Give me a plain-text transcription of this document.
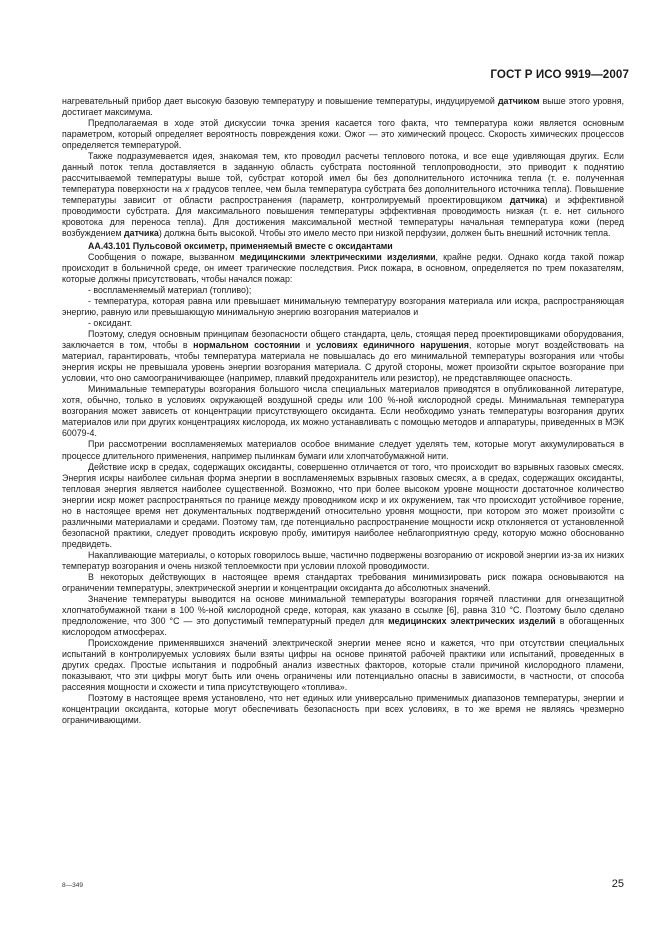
ГОСТ Р ИСО 9919—2007

нагревательный прибор дает высокую базовую температуру и повышение температуры, индуцируемой датчиком выше этого уровня, достигает максимума.

Предполагаемая в ходе этой дискуссии точка зрения касается того факта, что температура кожи является основным параметром, который определяет вероятность повреждения кожи. Ожог — это химический процесс. Скорость химических процессов определяется температурой.

Также подразумевается идея, знакомая тем, кто проводил расчеты теплового потока, и все еще удивляющая других. Если данный поток тепла доставляется в заданную область субстрата постоянной теплопроводности, это приводит к поднятию рассчитываемой температуры выше той, субстрат которой имел бы без дополнительного источника тепла (т. е. полученная температура поверхности на x градусов теплее, чем была температура субстрата без дополнительного источника тепла). Повышение температуры зависит от области распространения (параметр, контролируемый проектировщиком датчика) и эффективной проводимости субстрата. Для максимального повышения температуры эффективная проводимость низкая (т. е. нет сильного кровотока для переноса тепла). Для достижения максимальной местной температуры начальная температура кожи (перед возбуждением датчика) должна быть высокой. Чтобы это имело место при низкой перфузии, должен быть внешний источник тепла.

АА.43.101 Пульсовой оксиметр, применяемый вместе с оксидантами

Сообщения о пожаре, вызванном медицинскими электрическими изделиями, крайне редки. Однако когда такой пожар происходит в больничной среде, он имеет трагические последствия. Риск пожара, в основном, определяется по трем показателям, которые должны присутствовать, чтобы начался пожар:

- воспламеняемый материал (топливо);

- температура, которая равна или превышает минимальную температуру возгорания материала или искра, распространяющая энергию, равную или превышающую минимальную энергию возгорания материалов и

- оксидант.

Поэтому, следуя основным принципам безопасности общего стандарта, цель, стоящая перед проектировщиками оборудования, заключается в том, чтобы в нормальном состоянии и условиях единичного нарушения, которые могут воздействовать на материал, гарантировать, чтобы температура материала не повышалась до его минимальной температуры возгорания или чтобы энергия искры не превышала уровень энергии возгорания материала. С другой стороны, может произойти скрытое возгорание при условии, что оно самоограничивающее (например, плавкий предохранитель или резистор), не представляющее опасность.

Минимальные температуры возгорания большого числа специальных материалов приводятся в опубликованной литературе, хотя, обычно, только в условиях окружающей воздушной среды или 100 %-ной кислородной среды. Минимальная температура возгорания может зависеть от концентрации присутствующего оксиданта. Если необходимо узнать температуры возгорания других материалов или при других концентрациях кислорода, их можно устанавливать с помощью методов и аппаратуры, приведенных в МЭК 60079-4.

При рассмотрении воспламеняемых материалов особое внимание следует уделять тем, которые могут аккумулироваться в процессе длительного применения, например пылинкам бумаги или хлопчатобумажной нити.

Действие искр в средах, содержащих оксиданты, совершенно отличается от того, что происходит во взрывных газовых смесях. Энергия искры наиболее сильная форма энергии в воспламеняемых взрывных газовых смесях, а в средах, содержащих оксиданты, тепловая энергия является наиболее существенной. Возможно, что при более высоком уровне мощности достаточное количество энергии искр может распространяться по границе между проводником искр и их окружением, так что происходит устойчивое горение, но в настоящее время нет документальных подтверждений относительно уровня мощности, при котором это может произойти с различными материалами и средами. Поэтому там, где потенциально распространение мощности искр отклоняется от установленной безопасной практики, следует проводить искровую пробу, имитируя наиболее неблагоприятную среду, которую можно обоснованно предвидеть.

Накапливающие материалы, о которых говорилось выше, частично подвержены возгоранию от искровой энергии из-за их низких температур возгорания и очень низкой теплоемкости при условии плохой проводимости.

В некоторых действующих в настоящее время стандартах требования минимизировать риск пожара основываются на ограничении температуры, электрической энергии и концентрации оксиданта до абсолютных значений.

Значение температуры выводится на основе минимальной температуры возгорания горячей пластинки для огнезащитной хлопчатобумажной ткани в 100 %-ной кислородной среде, которая, как указано в ссылке [6], равна 310 °С. Поэтому было сделано предположение, что 300 °С — это допустимый температурный предел для медицинских электрических изделий в обогащенных кислородом атмосферах.

Происхождение применявшихся значений электрической энергии менее ясно и кажется, что при отсутствии специальных испытаний в контролируемых условиях были взяты цифры на основе принятой рабочей практики или испытаний, проведенных в других средах. Простые испытания и подробный анализ известных факторов, которые стали причиной кислородного пламени, показывают, что эти цифры могут быть или очень ограничены или потенциально опасны в зависимости, в частности, от способа рассеяния мощности и схожести и типа присутствующего «топлива».

Поэтому в настоящее время установлено, что нет единых или универсально применимых диапазонов температуры, энергии и концентрации оксиданта, которые могут обеспечивать безопасность при всех условиях, в то же время не являясь чрезмерно ограничивающими.

8—349	25
